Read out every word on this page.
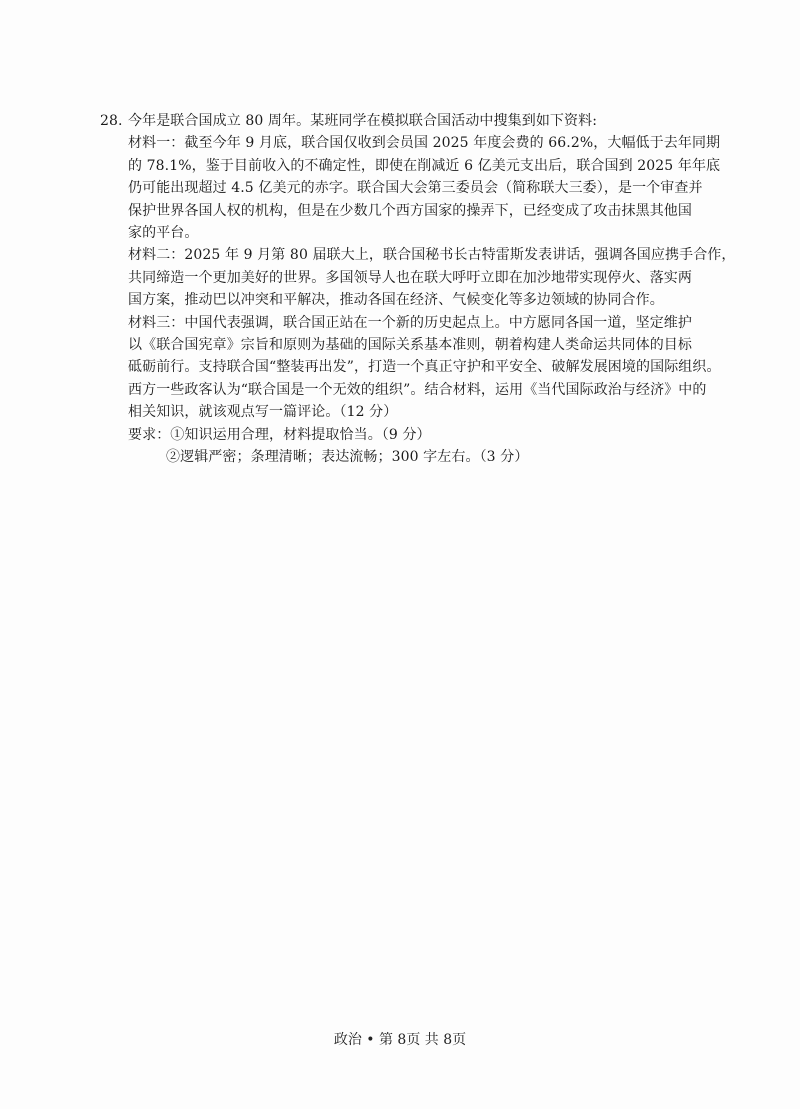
28. 今年是联合国成立 80 周年。某班同学在模拟联合国活动中搜集到如下资料:
材料一：截至今年 9 月底，联合国仅收到会员国 2025 年度会费的 66.2%，大幅低于去年同期
的 78.1%，鉴于目前收入的不确定性，即使在削减近 6 亿美元支出后，联合国到 2025 年年底
仍可能出现超过 4.5 亿美元的赤字。联合国大会第三委员会（简称联大三委），是一个审查并
保护世界各国人权的机构，但是在少数几个西方国家的操弄下，已经变成了攻击抹黑其他国
家的平台。
材料二：2025 年 9 月第 80 届联大上，联合国秘书长古特雷斯发表讲话，强调各国应携手合作，
共同缔造一个更加美好的世界。多国领导人也在联大呼吁立即在加沙地带实现停火、落实两
国方案，推动巴以冲突和平解决，推动各国在经济、气候变化等多边领域的协同合作。
材料三：中国代表强调，联合国正站在一个新的历史起点上。中方愿同各国一道，坚定维护
以《联合国宪章》宗旨和原则为基础的国际关系基本准则，朝着构建人类命运共同体的目标
砥砺前行。支持联合国“整装再出发”，打造一个真正守护和平安全、破解发展困境的国际组织。
西方一些政客认为“联合国是一个无效的组织”。结合材料，运用《当代国际政治与经济》中的
相关知识，就该观点写一篇评论。（12 分）
要求：①知识运用合理，材料提取恰当。（9 分）
②逻辑严密；条理清晰；表达流畅；300 字左右。（3 分）
政治 • 第 8页 共 8页
